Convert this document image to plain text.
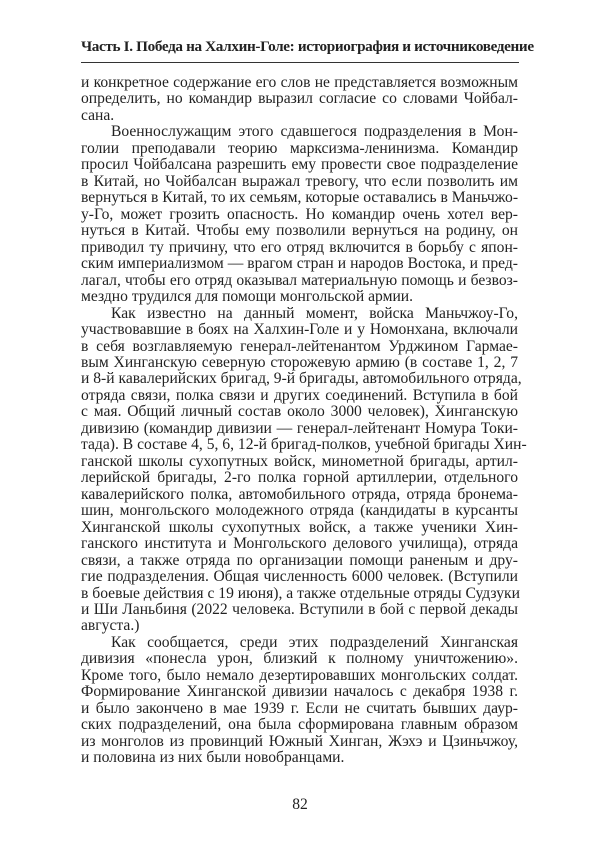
Часть I. Победа на Халхин-Голе: историография и источниковедение
и конкретное содержание его слов не представляется возможным
определить, но командир выразил согласие со словами Чойбал-
сана.
Военнослужащим этого сдавшегося подразделения в Мон-
голии преподавали теорию марксизма-ленинизма. Командир
просил Чойбалсана разрешить ему провести свое подразделение
в Китай, но Чойбалсан выражал тревогу, что если позволить им
вернуться в Китай, то их семьям, которые оставались в Маньчжо-
у-Го, может грозить опасность. Но командир очень хотел вер-
нуться в Китай. Чтобы ему позволили вернуться на родину, он
приводил ту причину, что его отряд включится в борьбу с япон-
ским империализмом — врагом стран и народов Востока, и пред-
лагал, чтобы его отряд оказывал материальную помощь и безвоз-
мездно трудился для помощи монгольской армии.
Как известно на данный момент, войска Маньчжоу-Го,
участвовавшие в боях на Халхин-Голе и у Номонхана, включали
в себя возглавляемую генерал-лейтенантом Урджином Гармае-
вым Хинганскую северную сторожевую армию (в составе 1, 2, 7
и 8-й кавалерийских бригад, 9-й бригады, автомобильного отряда,
отряда связи, полка связи и других соединений. Вступила в бой
с мая. Общий личный состав около 3000 человек), Хинганскую
дивизию (командир дивизии — генерал-лейтенант Номура Токи-
тада). В составе 4, 5, 6, 12-й бригад-полков, учебной бригады Хин-
ганской школы сухопутных войск, минометной бригады, артил-
лерийской бригады, 2-го полка горной артиллерии, отдельного
кавалерийского полка, автомобильного отряда, отряда бронема-
шин, монгольского молодежного отряда (кандидаты в курсанты
Хинганской школы сухопутных войск, а также ученики Хин-
ганского института и Монгольского делового училища), отряда
связи, а также отряда по организации помощи раненым и дру-
гие подразделения. Общая численность 6000 человек. (Вступили
в боевые действия с 19 июня), а также отдельные отряды Судзуки
и Ши Ланьбиня (2022 человека. Вступили в бой с первой декады
августа.)
Как сообщается, среди этих подразделений Хинганская
дивизия «понесла урон, близкий к полному уничтожению».
Кроме того, было немало дезертировавших монгольских солдат.
Формирование Хинганской дивизии началось с декабря 1938 г.
и было закончено в мае 1939 г. Если не считать бывших даур-
ских подразделений, она была сформирована главным образом
из монголов из провинций Южный Хинган, Жэхэ и Цзиньчжоу,
и половина из них были новобранцами.
82
